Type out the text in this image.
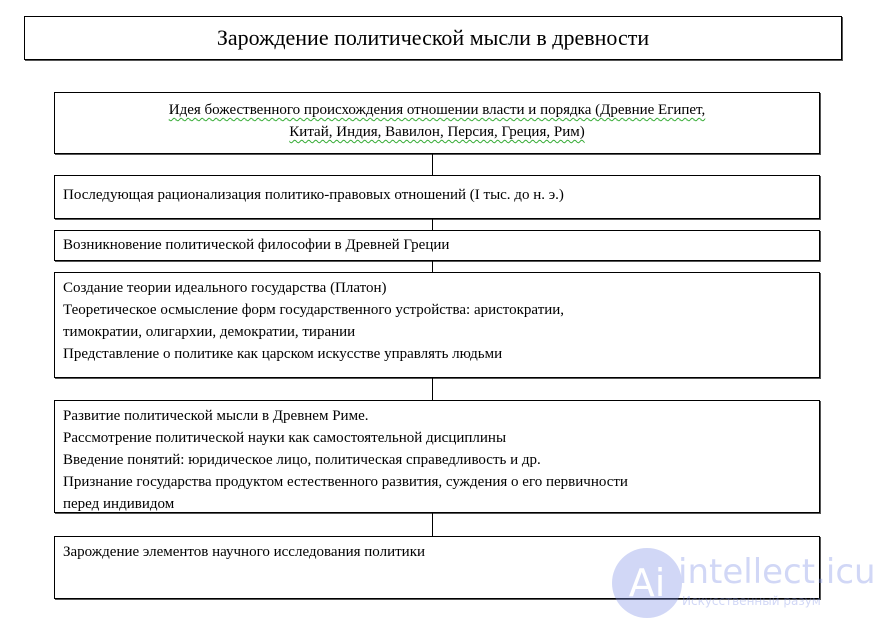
Зарождение политической мысли в древности
Идея божественного происхождения отношении власти и порядка (Древние Египет,
Китай, Индия, Вавилон, Персия, Греция, Рим)
Последующая рационализация политико-правовых отношений (I тыс. до н. э.)
Возникновение политической философии в Древней Греции
Создание теории идеального государства (Платон)
Теоретическое осмысление форм государственного устройства: аристократии,
тимократии, олигархии, демократии, тирании
Представление о политике как царском искусстве управлять людьми
Развитие политической мысли в Древнем Риме.
Рассмотрение политической науки как самостоятельной дисциплины
Введение понятий: юридическое лицо, политическая справедливость и др.
Признание государства продуктом естественного развития, суждения о его первичности
перед индивидом
Зарождение элементов научного исследования политики
Ai intellect.icu
Искусственный разум
